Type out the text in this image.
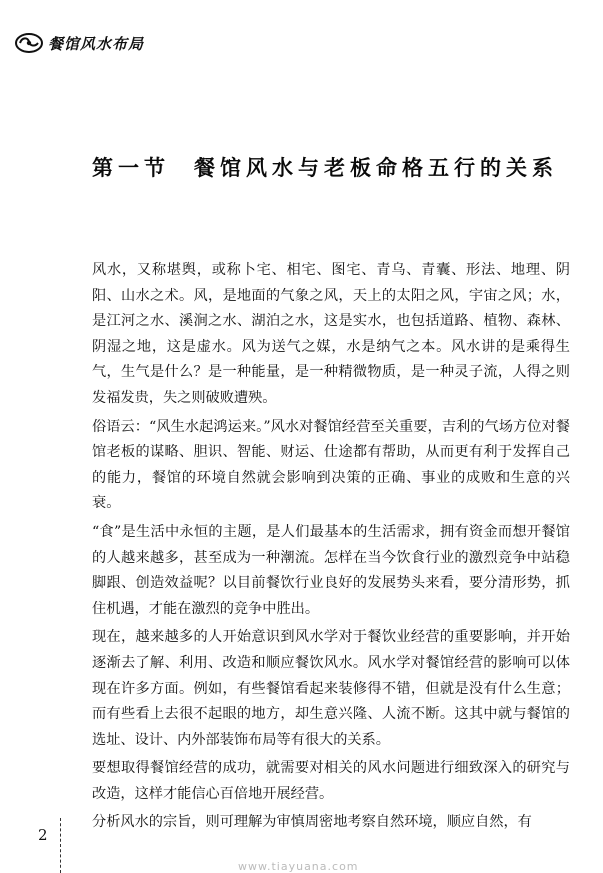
餐馆风水布局
第一节 餐馆风水与老板命格五行的关系

风水，又称堪舆，或称卜宅、相宅、图宅、青乌、青囊、形法、地理、阴阳、山水之术。风，是地面的气象之风，天上的太阳之风，宇宙之风；水，是江河之水、溪涧之水、湖泊之水，这是实水，也包括道路、植物、森林、阴湿之地，这是虚水。风为送气之媒，水是纳气之本。风水讲的是乘得生气，生气是什么？是一种能量，是一种精微物质，是一种灵子流，人得之则发福发贵，失之则破败遭殃。

俗语云：“风生水起鸿运来。”风水对餐馆经营至关重要，吉利的气场方位对餐馆老板的谋略、胆识、智能、财运、仕途都有帮助，从而更有利于发挥自己的能力，餐馆的环境自然就会影响到决策的正确、事业的成败和生意的兴衰。

“食”是生活中永恒的主题，是人们最基本的生活需求，拥有资金而想开餐馆的人越来越多，甚至成为一种潮流。怎样在当今饮食行业的激烈竞争中站稳脚跟、创造效益呢？以目前餐饮行业良好的发展势头来看，要分清形势，抓住机遇，才能在激烈的竞争中胜出。

现在，越来越多的人开始意识到风水学对于餐饮业经营的重要影响，并开始逐渐去了解、利用、改造和顺应餐饮风水。风水学对餐馆经营的影响可以体现在许多方面。例如，有些餐馆看起来装修得不错，但就是没有什么生意；而有些看上去很不起眼的地方，却生意兴隆、人流不断。这其中就与餐馆的选址、设计、内外部装饰布局等有很大的关系。

要想取得餐馆经营的成功，就需要对相关的风水问题进行细致深入的研究与改造，这样才能信心百倍地开展经营。

分析风水的宗旨，则可理解为审慎周密地考察自然环境，顺应自然，有

2
www.tiayuana.com
